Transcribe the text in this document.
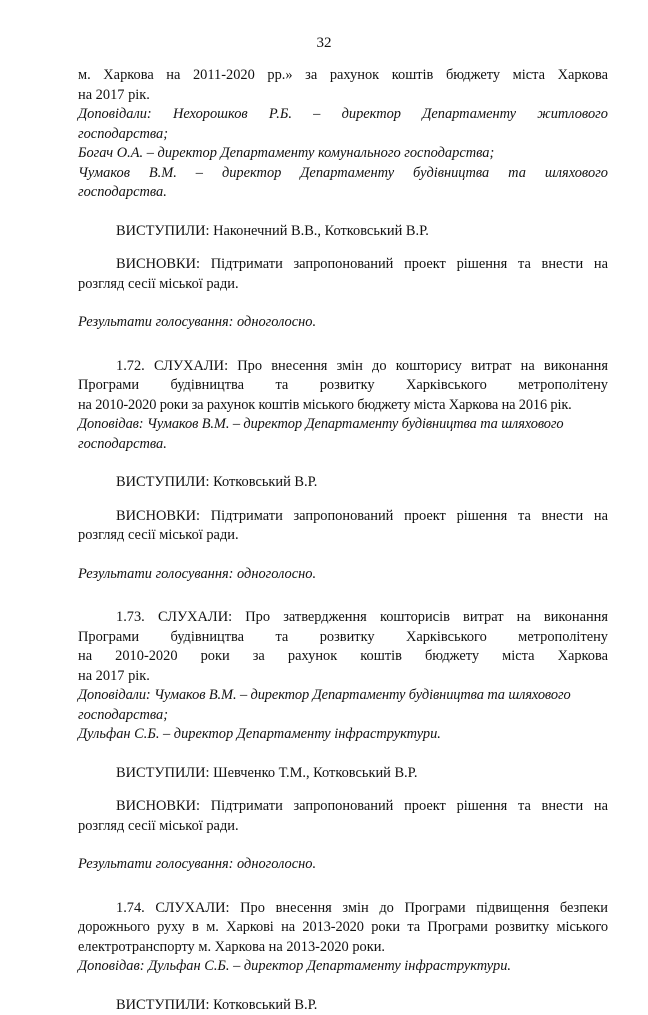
32

м. Харкова на 2011-2020 рр.» за рахунок коштів бюджету міста Харкова

на 2017 рік.

Доповідали: Нехорошков Р.Б. – директор Департаменту житлового

господарства;

Богач О.А. – директор Департаменту комунального господарства;

Чумаков В.М. – директор Департаменту будівництва та шляхового

господарства.

ВИСТУПИЛИ: Наконечний В.В., Котковський В.Р.

ВИСНОВКИ: Підтримати запропонований проект рішення та внести на

розгляд сесії міської ради.

Результати голосування: одноголосно.

1.72. СЛУХАЛИ: Про внесення змін до кошторису витрат на виконання

Програми будівництва та розвитку Харківського метрополітену

на 2010-2020 роки за рахунок коштів міського бюджету міста Харкова на 2016 рік.

Доповідав: Чумаков В.М. – директор Департаменту будівництва та шляхового

господарства.

ВИСТУПИЛИ: Котковський В.Р.

ВИСНОВКИ: Підтримати запропонований проект рішення та внести на

розгляд сесії міської ради.

Результати голосування: одноголосно.

1.73. СЛУХАЛИ: Про затвердження кошторисів витрат на виконання

Програми будівництва та розвитку Харківського метрополітену

на 2010-2020 роки за рахунок коштів бюджету міста Харкова

на 2017 рік.

Доповідали: Чумаков В.М. – директор Департаменту будівництва та шляхового

господарства;

Дульфан С.Б. – директор Департаменту інфраструктури.

ВИСТУПИЛИ: Шевченко Т.М., Котковський В.Р.

ВИСНОВКИ: Підтримати запропонований проект рішення та внести на

розгляд сесії міської ради.

Результати голосування: одноголосно.

1.74. СЛУХАЛИ: Про внесення змін до Програми підвищення безпеки

дорожнього руху в м. Харкові на 2013-2020 роки та Програми розвитку міського

електротранспорту м. Харкова на 2013-2020 роки.

Доповідав: Дульфан С.Б. – директор Департаменту інфраструктури.

ВИСТУПИЛИ: Котковський В.Р.
